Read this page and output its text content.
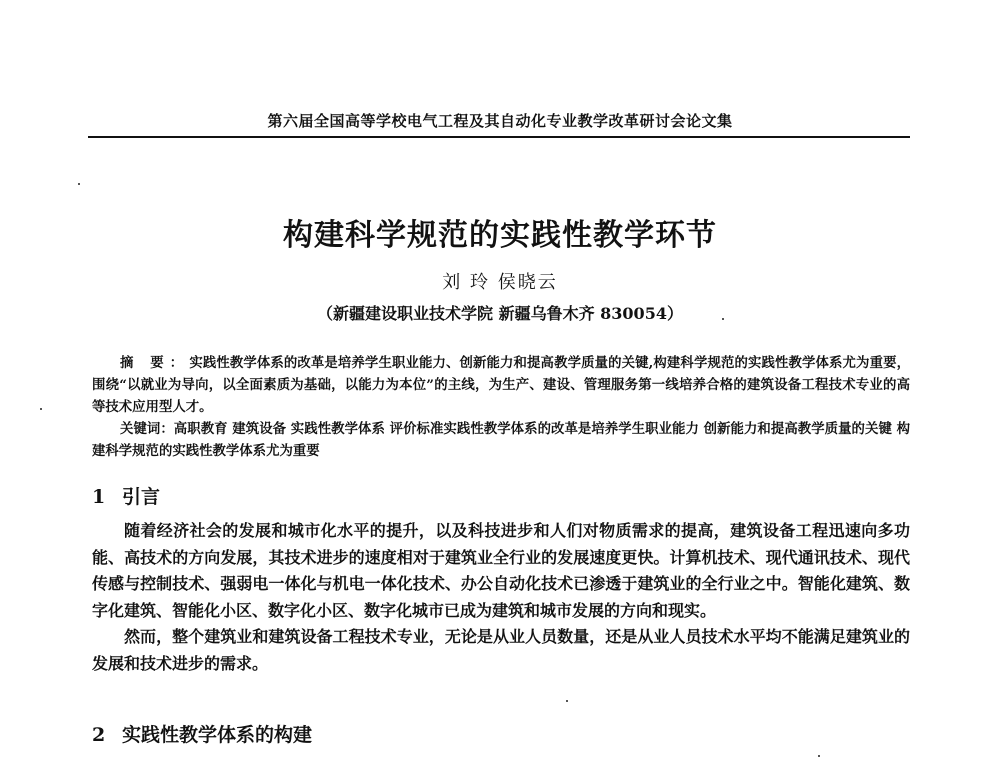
第六届全国高等学校电气工程及其自动化专业教学改革研讨会论文集
构建科学规范的实践性教学环节
刘 玲 侯晓云
（新疆建设职业技术学院 新疆乌鲁木齐 830054）

摘 要：实践性教学体系的改革是培养学生职业能力、创新能力和提高教学质量的关键,构建科学规范的实践性教学体系尤为重要，围绕“以就业为导向，以全面素质为基础，以能力为本位”的主线，为生产、建设、管理服务第一线培养合格的建筑设备工程技术专业的高等技术应用型人才。

关键词：高职教育 建筑设备 实践性教学体系 评价标准实践性教学体系的改革是培养学生职业能力 创新能力和提高教学质量的关键 构建科学规范的实践性教学体系尤为重要

1 引言

随着经济社会的发展和城市化水平的提升，以及科技进步和人们对物质需求的提高，建筑设备工程迅速向多功能、高技术的方向发展，其技术进步的速度相对于建筑业全行业的发展速度更快。计算机技术、现代通讯技术、现代传感与控制技术、强弱电一体化与机电一体化技术、办公自动化技术已渗透于建筑业的全行业之中。智能化建筑、数字化建筑、智能化小区、数字化小区、数字化城市已成为建筑和城市发展的方向和现实。

然而，整个建筑业和建筑设备工程技术专业，无论是从业人员数量，还是从业人员技术水平均不能满足建筑业的发展和技术进步的需求。

2 实践性教学体系的构建
